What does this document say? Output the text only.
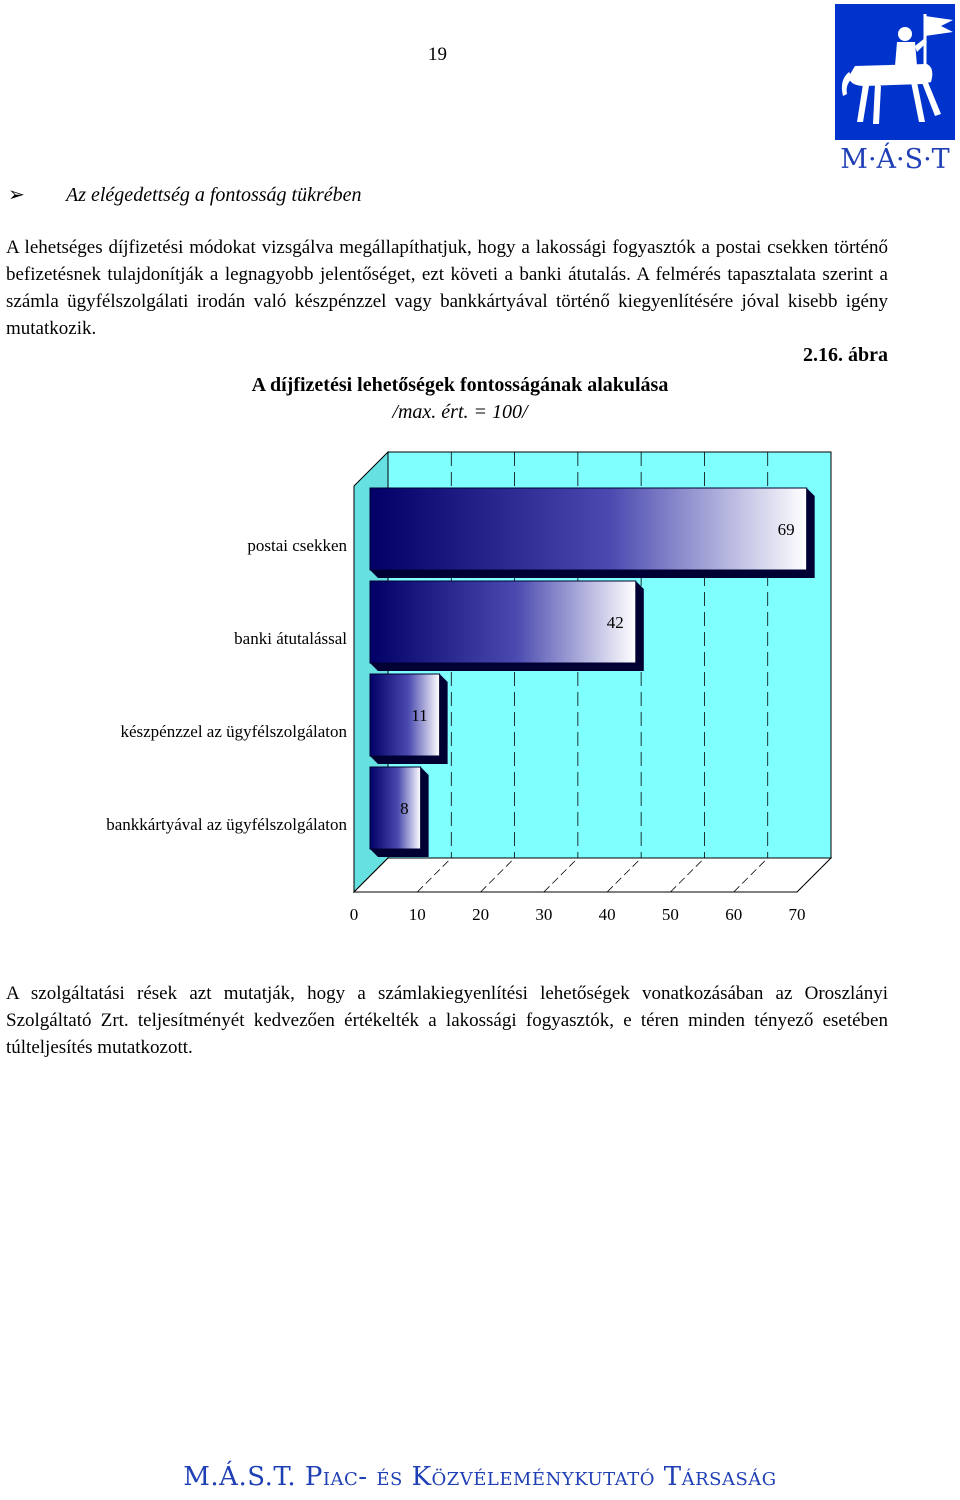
19
M·Á·S·T
➢ Az elégedettség a fontosság tükrében
A lehetséges díjfizetési módokat vizsgálva megállapíthatjuk, hogy a lakossági fogyasztók a postai csekken történő befizetésnek tulajdonítják a legnagyobb jelentőséget, ezt követi a banki átutalás. A felmérés tapasztalata szerint a számla ügyfélszolgálati irodán való készpénzzel vagy bankkártyával történő kiegyenlítésére jóval kisebb igény mutatkozik.
2.16. ábra
A díjfizetési lehetőségek fontosságának alakulása
/max. ért. = 100/
0	10	20	30	40	50	60	70
postai csekken
69
banki átutalással
42
készpénzzel az ügyfélszolgálaton
11
bankkártyával az ügyfélszolgálaton
8
A szolgáltatási rések azt mutatják, hogy a számlakiegyenlítési lehetőségek vonatkozásában az Oroszlányi Szolgáltató Zrt. teljesítményét kedvezően értékelték a lakossági fogyasztók, e téren minden tényező esetében túlteljesítés mutatkozott.
M.Á.S.T. Piac- és Közvéleménykutató Társaság
